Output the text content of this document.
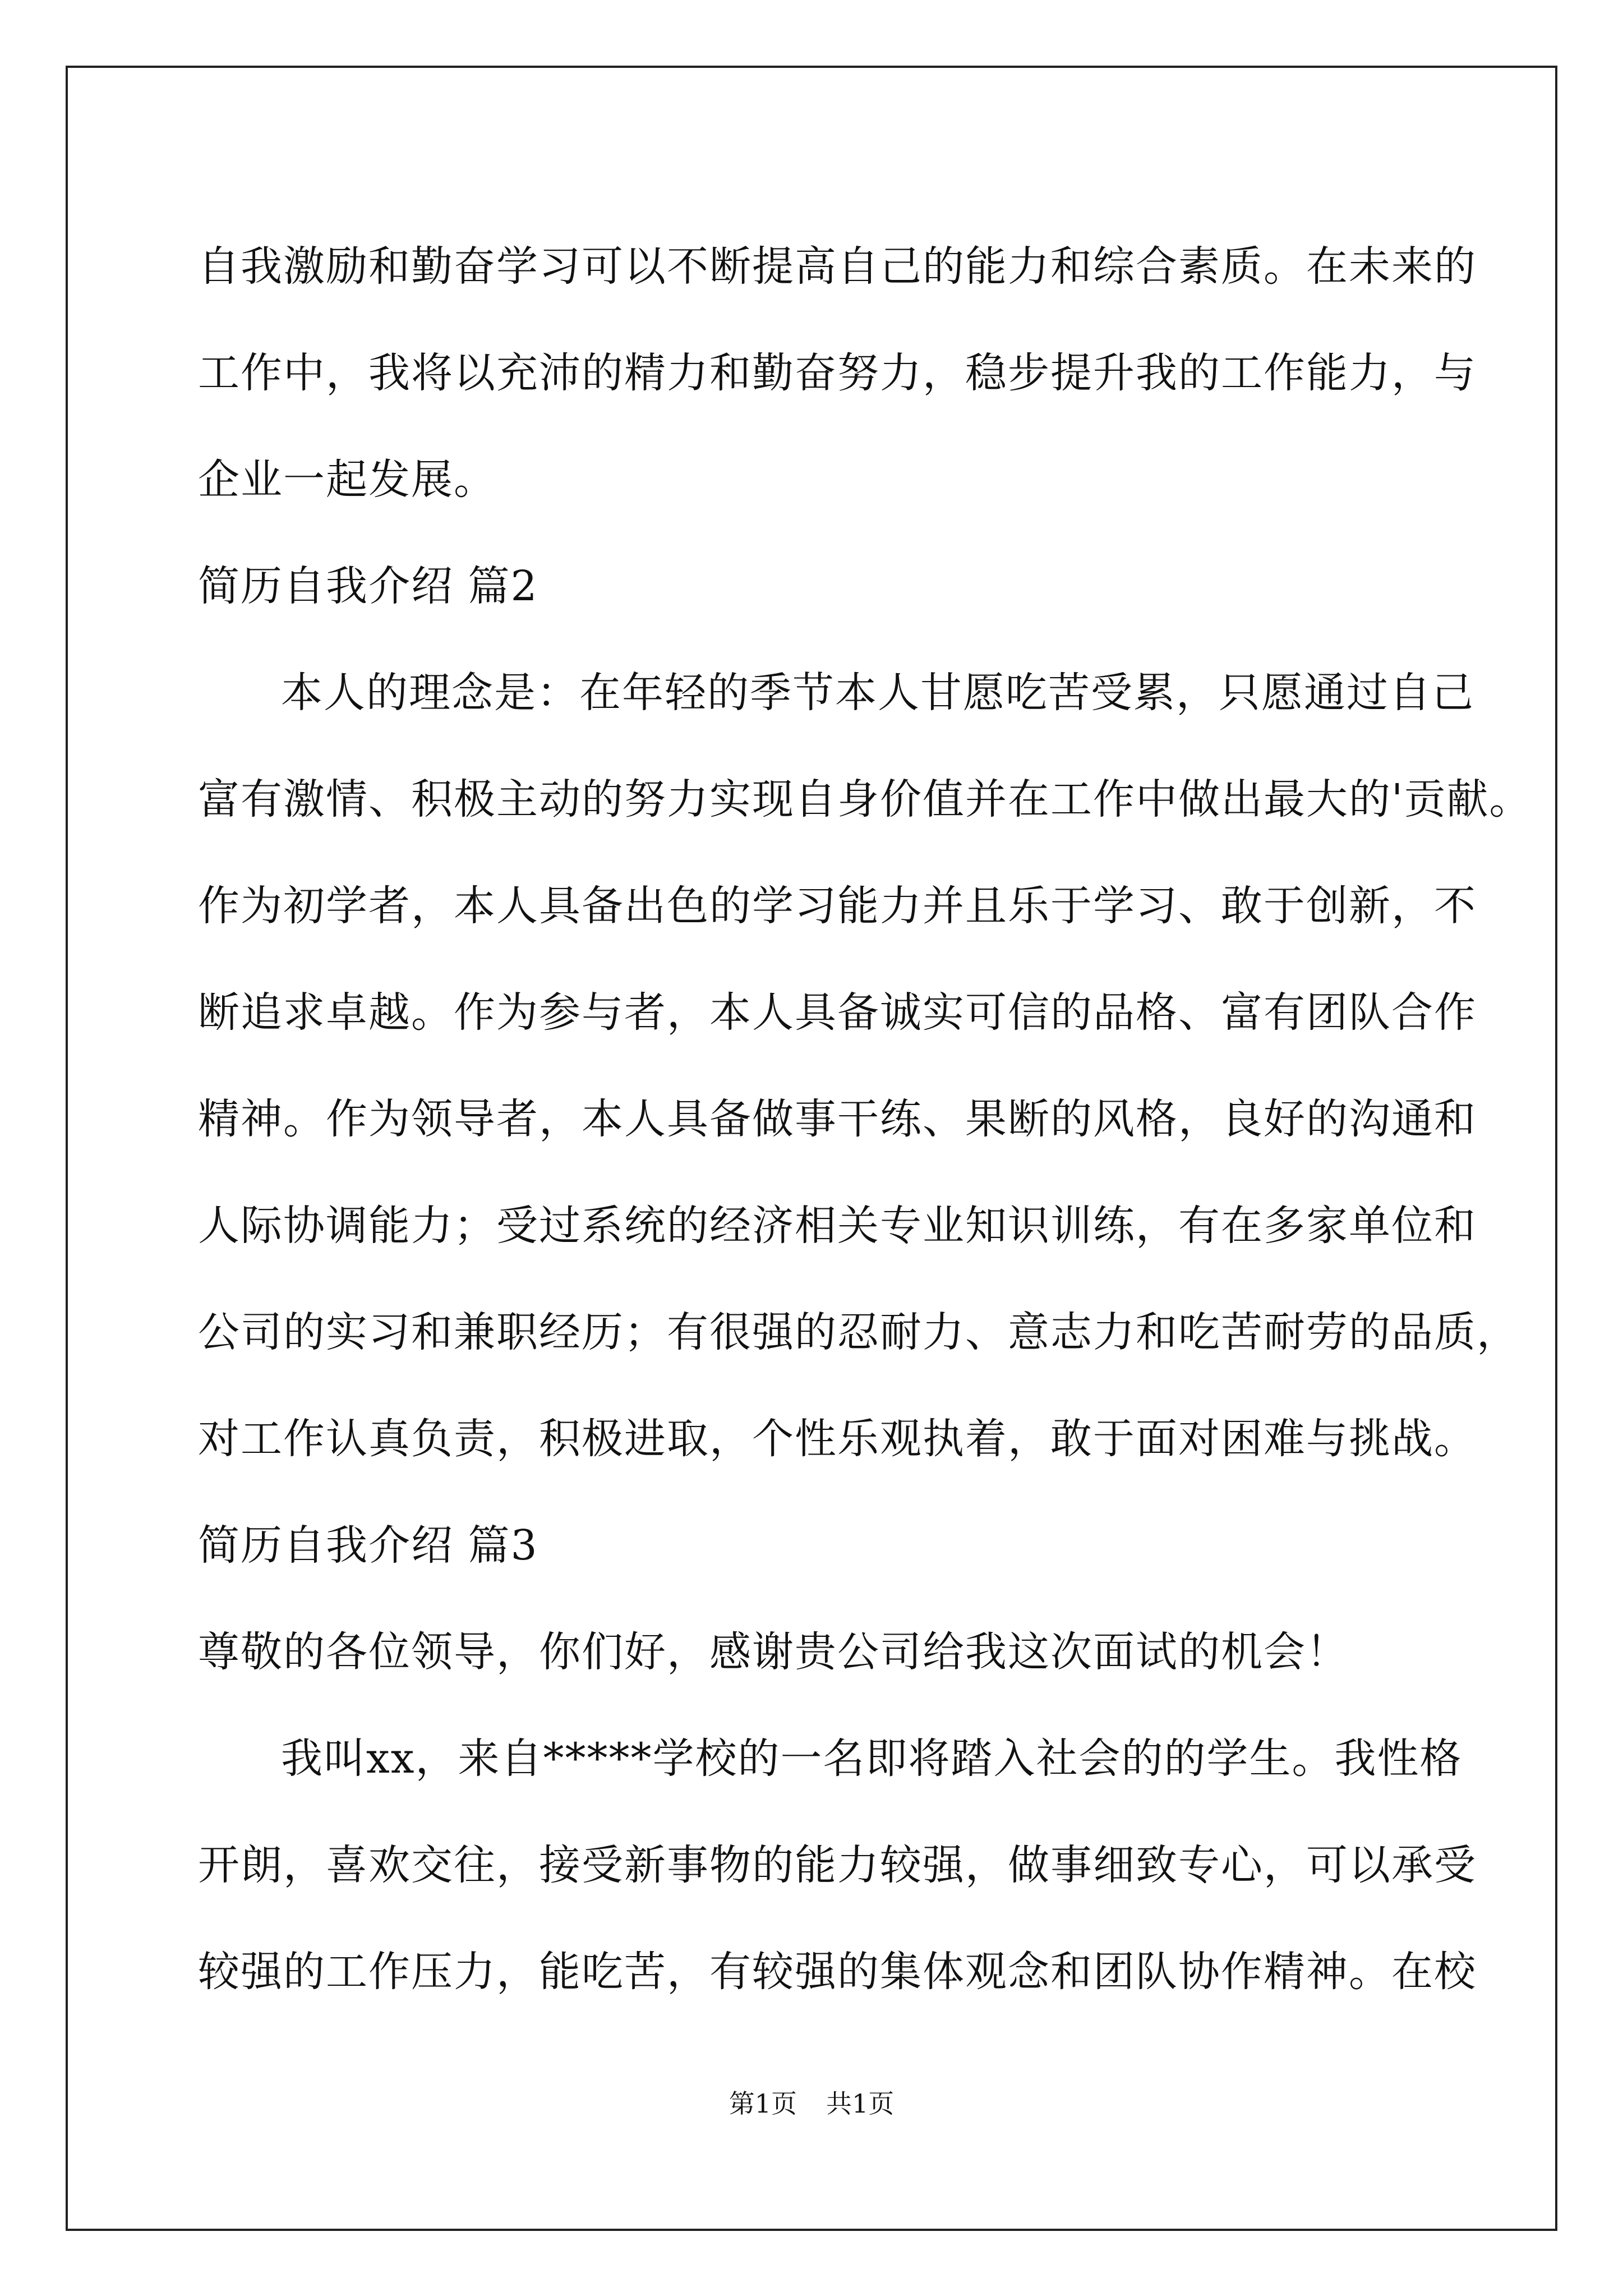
自我激励和勤奋学习可以不断提高自己的能力和综合素质。在未来的
工作中，我将以充沛的精力和勤奋努力，稳步提升我的工作能力，与
企业一起发展。
简历自我介绍 篇2
本人的理念是：在年轻的季节本人甘愿吃苦受累，只愿通过自己
富有激情、积极主动的努力实现自身价值并在工作中做出最大的'贡献。
作为初学者，本人具备出色的学习能力并且乐于学习、敢于创新，不
断追求卓越。作为参与者，本人具备诚实可信的品格、富有团队合作
精神。作为领导者，本人具备做事干练、果断的风格，良好的沟通和
人际协调能力；受过系统的经济相关专业知识训练，有在多家单位和
公司的实习和兼职经历；有很强的忍耐力、意志力和吃苦耐劳的品质，
对工作认真负责，积极进取，个性乐观执着，敢于面对困难与挑战。
简历自我介绍 篇3
尊敬的各位领导，你们好，感谢贵公司给我这次面试的机会！
我叫xx，来自*****学校的一名即将踏入社会的的学生。我性格
开朗，喜欢交往，接受新事物的能力较强，做事细致专心，可以承受
较强的工作压力，能吃苦，有较强的集体观念和团队协作精神。在校
第1页 共1页
